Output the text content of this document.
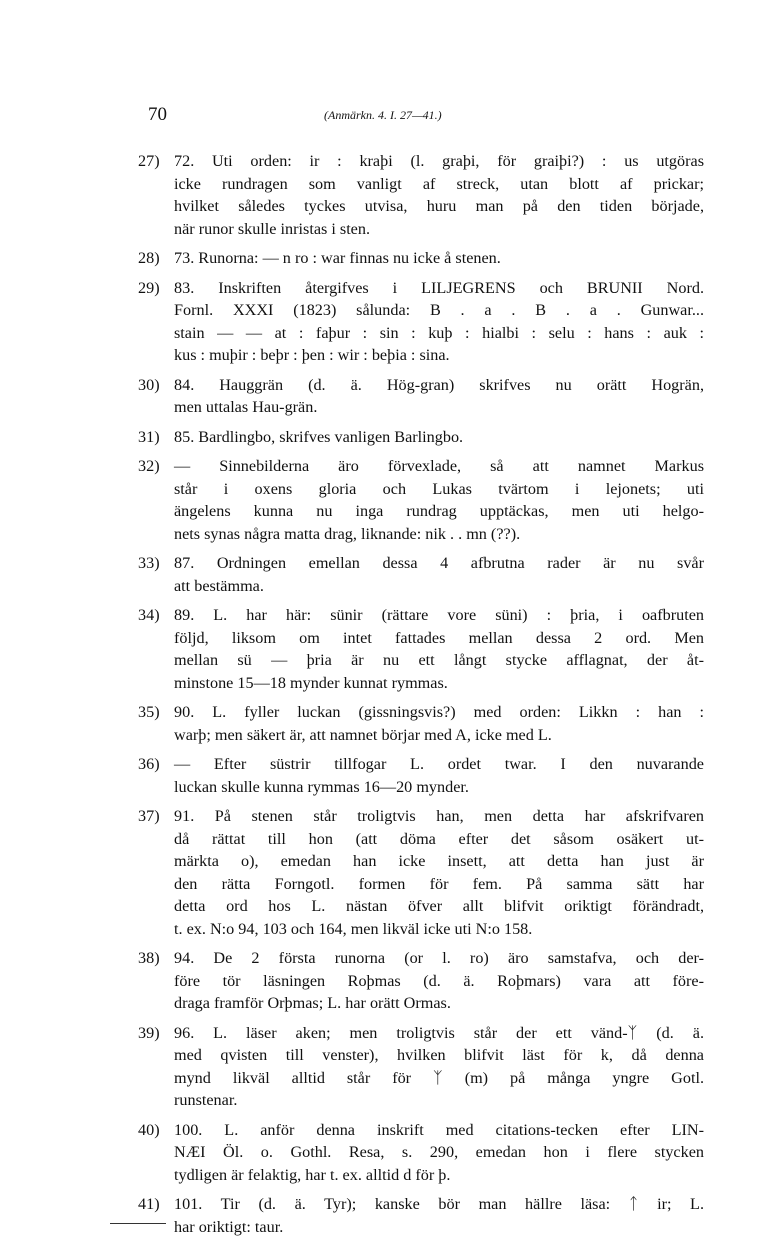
70	(Anmärkn. 4. I. 27—41.)
27) 72. Uti orden: ir : kraþi (l. graþi, för graiþi?) : us utgöras
icke rundragen som vanligt af streck, utan blott af prickar;
hvilket således tyckes utvisa, huru man på den tiden började,
när runor skulle inristas i sten.
28) 73. Runorna: — n ro : war finnas nu icke å stenen.
29) 83. Inskriften återgifves i LILJEGRENS och BRUNII Nord.
Fornl. XXXI (1823) sålunda: B . a . B . a . Gunwar...
stain — — at : faþur : sin : kuþ : hialbi : selu : hans : auk :
kus : muþir : beþr : þen : wir : beþia : sina.
30) 84. Hauggrän (d. ä. Hög-gran) skrifves nu orätt Hogrän,
men uttalas Hau-grän.
31) 85. Bardlingbo, skrifves vanligen Barlingbo.
32) — Sinnebilderna äro förvexlade, så att namnet Markus
står i oxens gloria och Lukas tvärtom i lejonets; uti
ängelens kunna nu inga rundrag upptäckas, men uti helgo-
nets synas några matta drag, liknande: nik . . mn (??).
33) 87. Ordningen emellan dessa 4 afbrutna rader är nu svår
att bestämma.
34) 89. L. har här: sünir (rättare vore süni) : þria, i oafbruten
följd, liksom om intet fattades mellan dessa 2 ord. Men
mellan sü — þria är nu ett långt stycke afflagnat, der åt-
minstone 15—18 mynder kunnat rymmas.
35) 90. L. fyller luckan (gissningsvis?) med orden: Likkn : han :
warþ; men säkert är, att namnet börjar med A, icke med L.
36) — Efter süstrir tillfogar L. ordet twar. I den nuvarande
luckan skulle kunna rymmas 16—20 mynder.
37) 91. På stenen står troligtvis han, men detta har afskrifvaren
då rättat till hon (att döma efter det såsom osäkert ut-
märkta o), emedan han icke insett, att detta han just är
den rätta Forngotl. formen för fem. På samma sätt har
detta ord hos L. nästan öfver allt blifvit oriktigt förändradt,
t. ex. N:o 94, 103 och 164, men likväl icke uti N:o 158.
38) 94. De 2 första runorna (or l. ro) äro samstafva, och der-
före tör läsningen Roþmas (d. ä. Roþmars) vara att före-
draga framför Orþmas; L. har orätt Ormas.
39) 96. L. läser aken; men troligtvis står der ett vänd-ᛉ (d. ä.
med qvisten till venster), hvilken blifvit läst för k, då denna
mynd likväl alltid står för ᛉ (m) på många yngre Gotl.
runstenar.
40) 100. L. anför denna inskrift med citations-tecken efter LIN-
NÆI Öl. o. Gothl. Resa, s. 290, emedan hon i flere stycken
tydligen är felaktig, har t. ex. alltid d för þ.
41) 101. Tir (d. ä. Tyr); kanske bör man hällre läsa: ᛏ ir; L.
har oriktigt: taur.
